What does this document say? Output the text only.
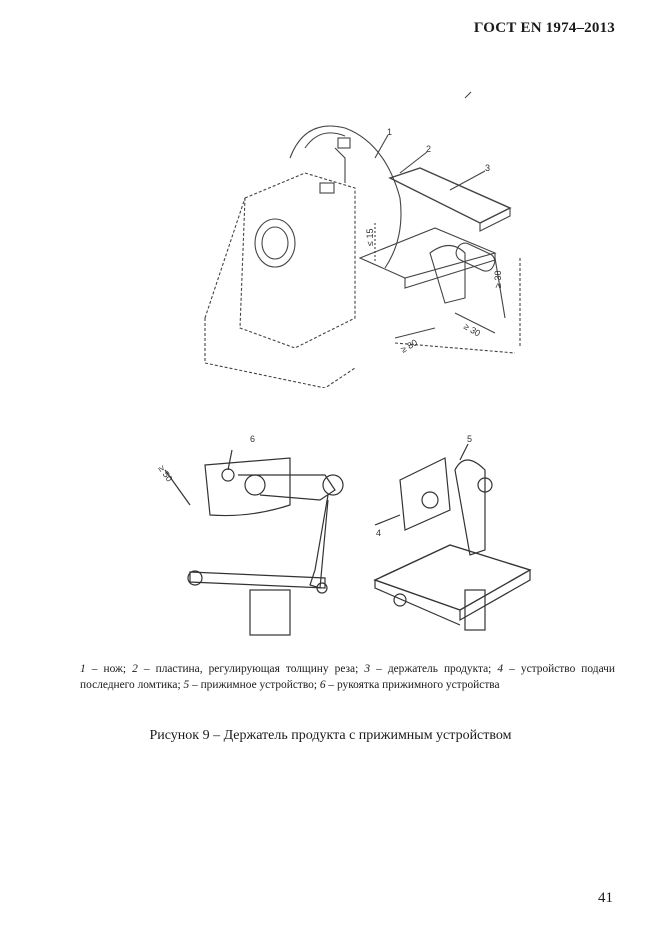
ГОСТ EN 1974–2013
1
2
3
≤ 15
≥ 30
≥ 80
≥ 30
6
≥ 50
5
4
1 – нож; 2 – пластина, регулирующая толщину реза; 3 – держатель продукта; 4 – устройство подачи последнего ломтика; 5 – прижимное устройство; 6 – рукоятка прижимного устройства
Рисунок 9 – Держатель продукта с прижимным устройством
41
